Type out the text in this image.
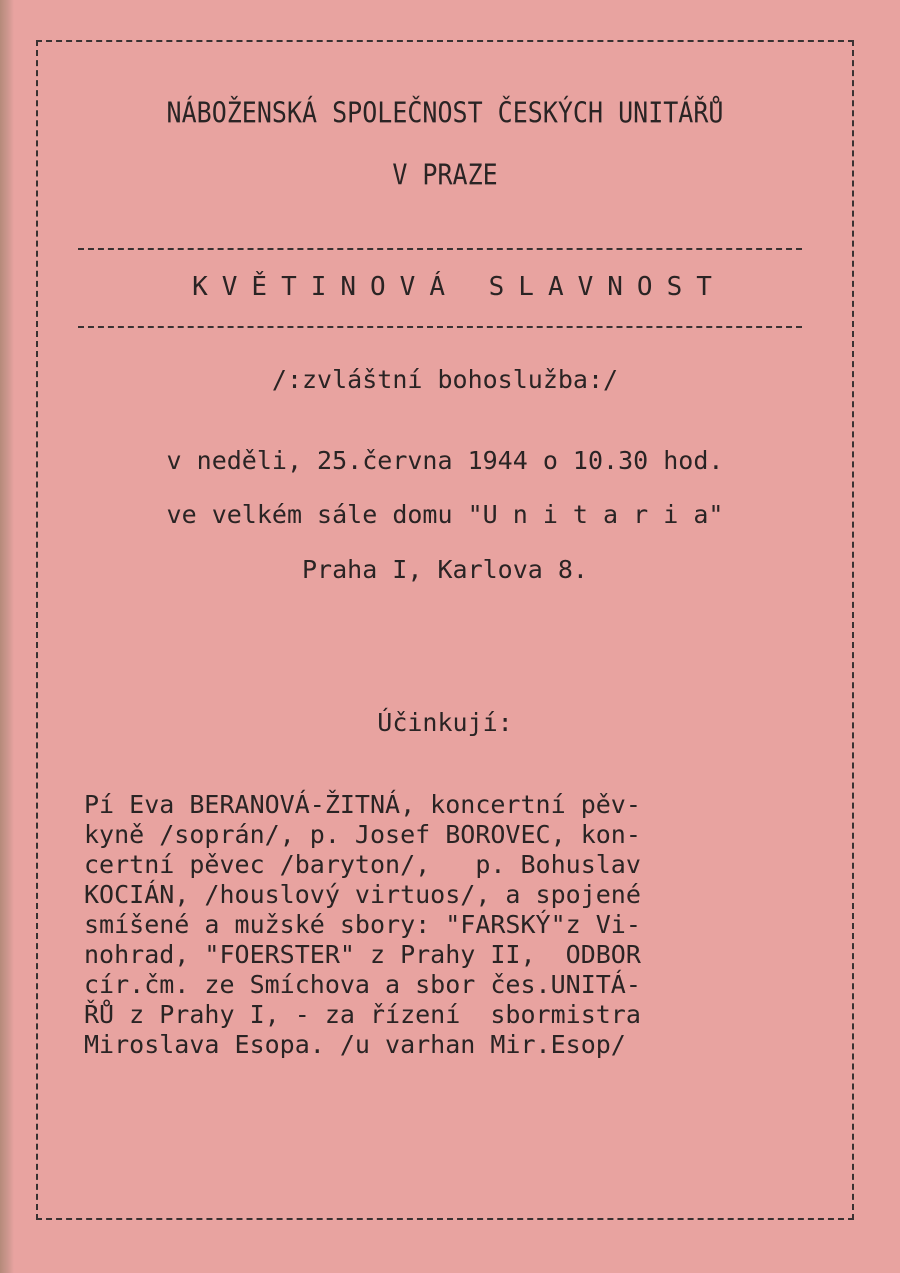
NÁBOŽENSKÁ SPOLEČNOST ČESKÝCH UNITÁŘŮ
V PRAZE
KVĚTINOVÁ SLAVNOST
/:zvláštní bohoslužba:/
v neděli, 25.června 1944 o 10.30 hod.
ve velkém sále domu "U n i t a r i a"
Praha I, Karlova 8.
Účinkují:
Pí Eva BERANOVÁ-ŽITNÁ, koncertní pěv-
kyně /soprán/, p. Josef BOROVEC, kon-
certní pěvec /baryton/,   p. Bohuslav
KOCIÁN, /houslový virtuos/, a spojené
smíšené a mužské sbory: "FARSKÝ"z Vi-
nohrad, "FOERSTER" z Prahy II,  ODBOR
cír.čm. ze Smíchova a sbor čes.UNITÁ-
ŘŮ z Prahy I, - za řízení  sbormistra
Miroslava Esopa. /u varhan Mir.Esop/
